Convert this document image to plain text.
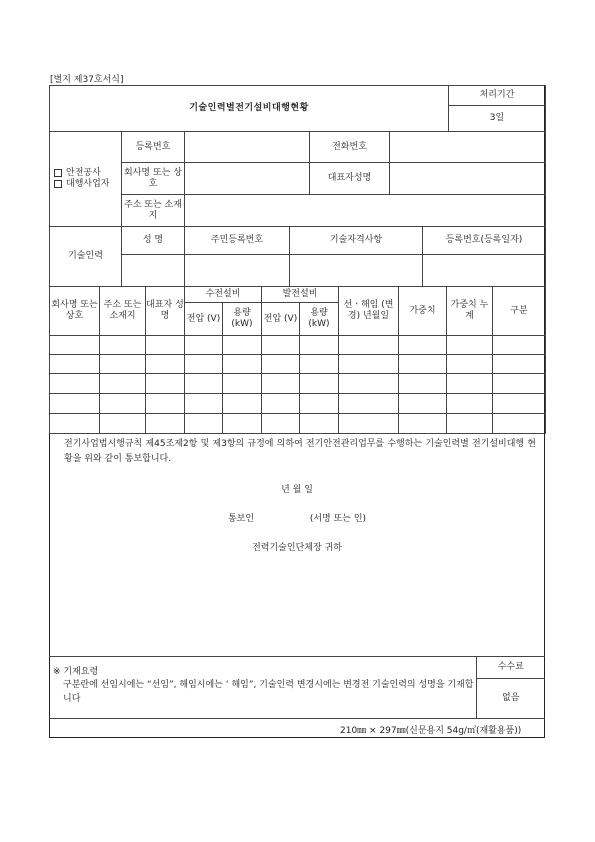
[별지 제37호서식]
기술인력별전기설비대행현황	처리기간
3일
안전공사
대행사업자	등록번호		전화번호	
	회사명 또는 상호		대표자성명	
	주소 또는 소재지			
기술인력	성 명	주민등록번호	기술자격사항	등록번호(등록일자)

회사명 또는 상호	주소 또는 소재지	대표자 성명	수전설비		발전설비		선ㆍ해임 (변 경) 년월일	가중치	가중치 누계	구분
			전압 (V)	용량 (kW)	전압 (V)	용량 (kW)				

전기사업법시행규칙 제45조제2항 및 제3항의 규정에 의하여 전기안전관리업무를 수행하는 기술인력별 전기설비대행 현황을 위와 같이 통보합니다.
년 월 일
통보인	(서명 또는 인)
전력기술인단체장 귀하
※ 기재요령
구분란에 선임시에는 “선임”, 해임시에는 ‘ 해임”, 기술인력 변경시에는 변경전 기술인력의 성명을 기재합니다
	수수료
없음
210㎜ × 297㎜(신문용지 54g/㎡(재활용품))
